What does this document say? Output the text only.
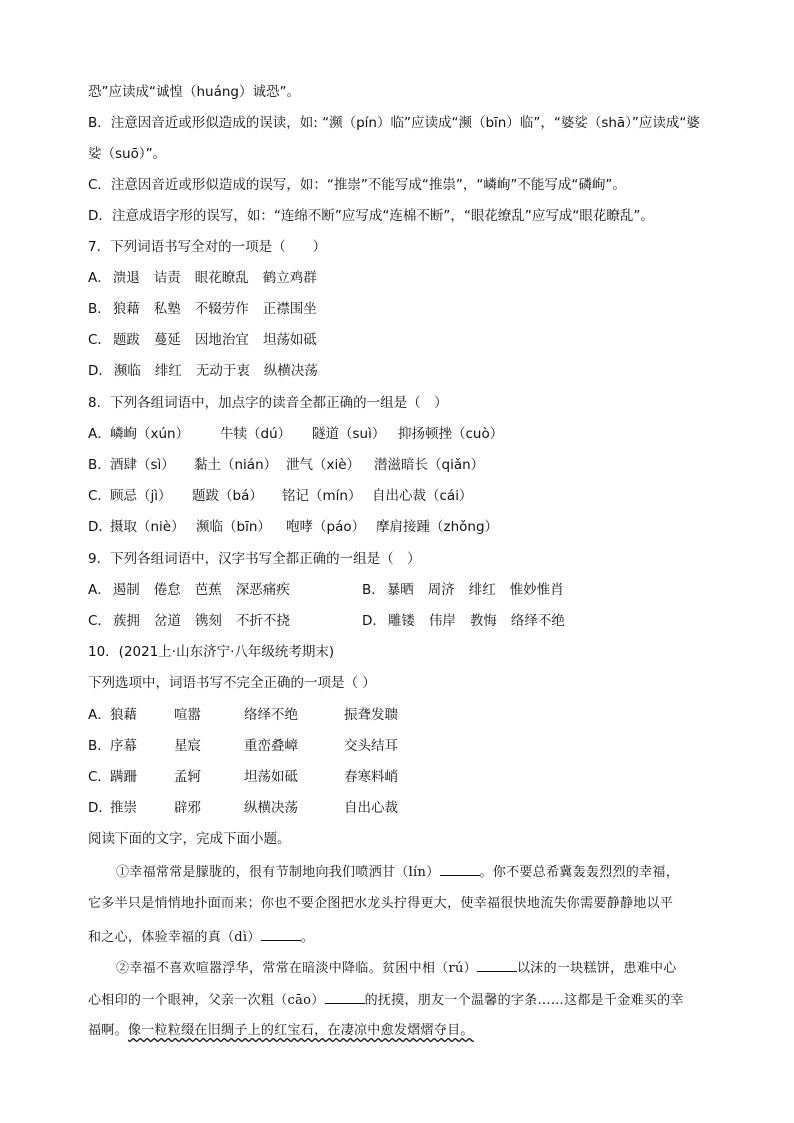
恐”应读成“诚惶（huáng）诚恐”。
B．注意因音近或形似造成的误读，如: “濒（pín）临”应读成“濒（bīn）临”，“婆娑（shā）”应读成“婆
娑（suō）”。
C．注意因音近或形似造成的误写，如：“推崇”不能写成“推祟”，“嶙峋”不能写成“磷峋”。
D．注意成语字形的误写，如：“连绵不断”应写成“连棉不断”，“眼花缭乱”应写成“眼花瞭乱”。
7．下列词语书写全对的一项是（　　）
A． 溃退 诘责 眼花瞭乱 鹤立鸡群
B． 狼藉 私塾 不辍劳作 正襟围坐
C． 题跋 蔓延 因地治宜 坦荡如砥
D． 濒临 绯红 无动于衷 纵横决荡
8．下列各组词语中，加点字的读音全都正确的一组是（　）
A．嶙峋（xún） 牛犊（dú） 隧道（suì） 抑扬顿挫（cuò）
B．酒肆（sì） 黏土（nián） 泄气（xiè） 潜滋暗长（qiǎn）
C．顾忌（jì） 题跋（bá） 铭记（mín） 自出心裁（cái）
D．摄取（niè） 濒临（bīn） 咆哮（páo） 摩肩接踵（zhǒng）
9．下列各组词语中，汉字书写全都正确的一组是（　）
A． 遏制 倦怠 芭蕉 深恶痛疾	B． 暴晒 周济 绯红 惟妙惟肖
C． 蔟拥 岔道 镌刻 不折不挠	D． 雕镂 伟岸 教悔 络绎不绝
10．(2021上·山东济宁·八年级统考期末)
下列选项中，词语书写不完全正确的一项是（ ）
A．狼藉	喧嚣	络绎不绝	振聋发聩
B．序幕	星宸	重峦叠嶂	交头结耳
C．蹒跚	孟轲	坦荡如砥	春寒料峭
D．推崇	辟邪	纵横决荡	自出心裁
阅读下面的文字，完成下面小题。
①幸福常常是朦胧的，很有节制地向我们喷洒甘（lín）	。你不要总希冀轰轰烈烈的幸福，
它多半只是悄悄地扑面而来；你也不要企图把水龙头拧得更大，使幸福很快地流失你需要静静地以平
和之心，体验幸福的真（dì）	。
②幸福不喜欢喧嚣浮华，常常在暗淡中降临。贫困中相（rú）	以沫的一块糕饼，患难中心
心相印的一个眼神，父亲一次粗（cāo）	的抚摸，朋友一个温馨的字条……这都是千金难买的幸
福啊。像一粒粒缀在旧绸子上的红宝石，在凄凉中愈发熠熠夺目。
